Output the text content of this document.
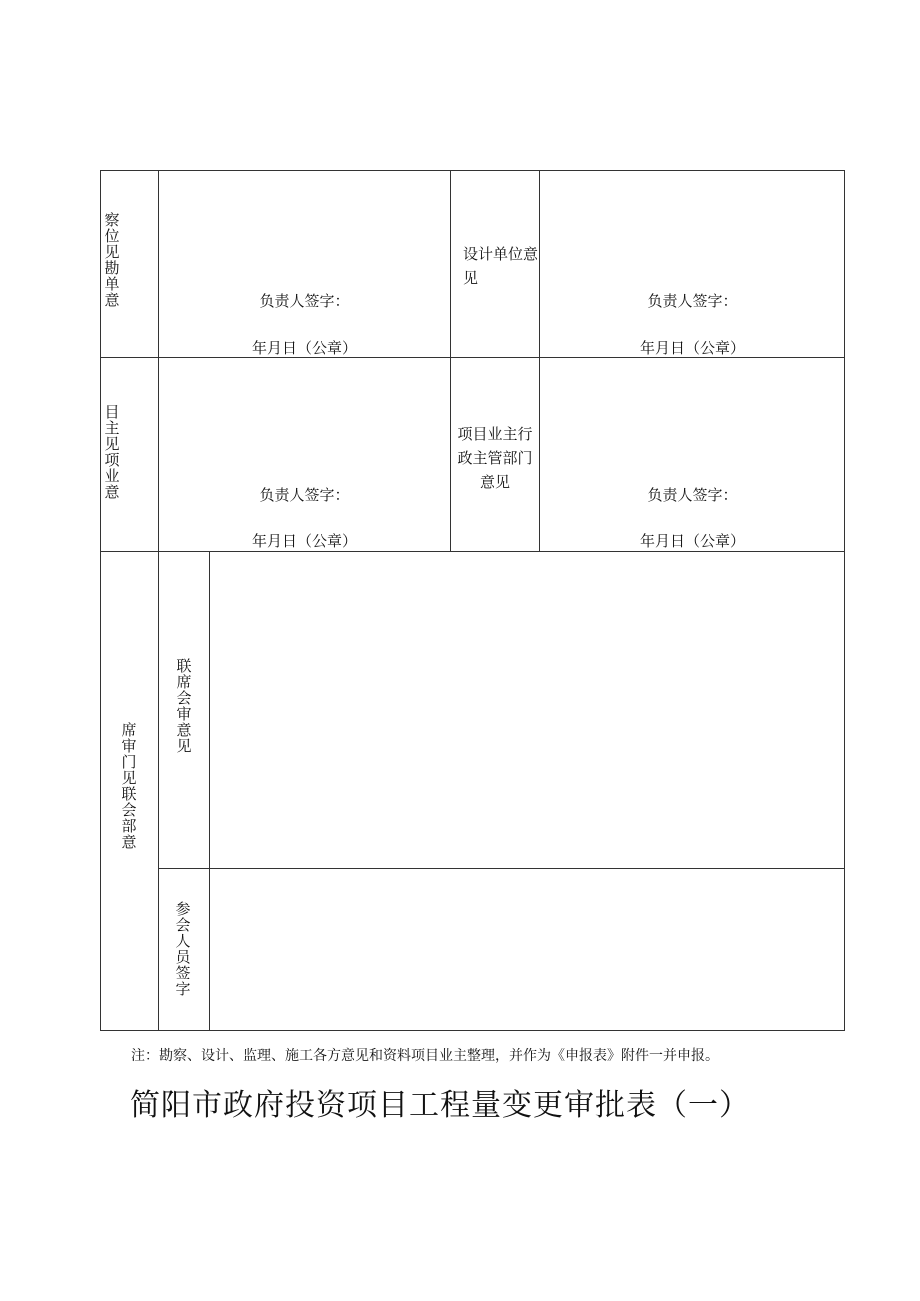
察位见勘单意	负责人签字：
年月日（公章）
设计单位意见
负责人签字：
年月日（公章）
目主见项业意	负责人签字：
年月日（公章）
项目业主行政主管部门意见
负责人签字：
年月日（公章）
席审门见联会部意
联席会审意见
参会人员签字
注：勘察、设计、监理、施工各方意见和资料项目业主整理，并作为《申报表》附件一并申报。
简阳市政府投资项目工程量变更审批表（一）
